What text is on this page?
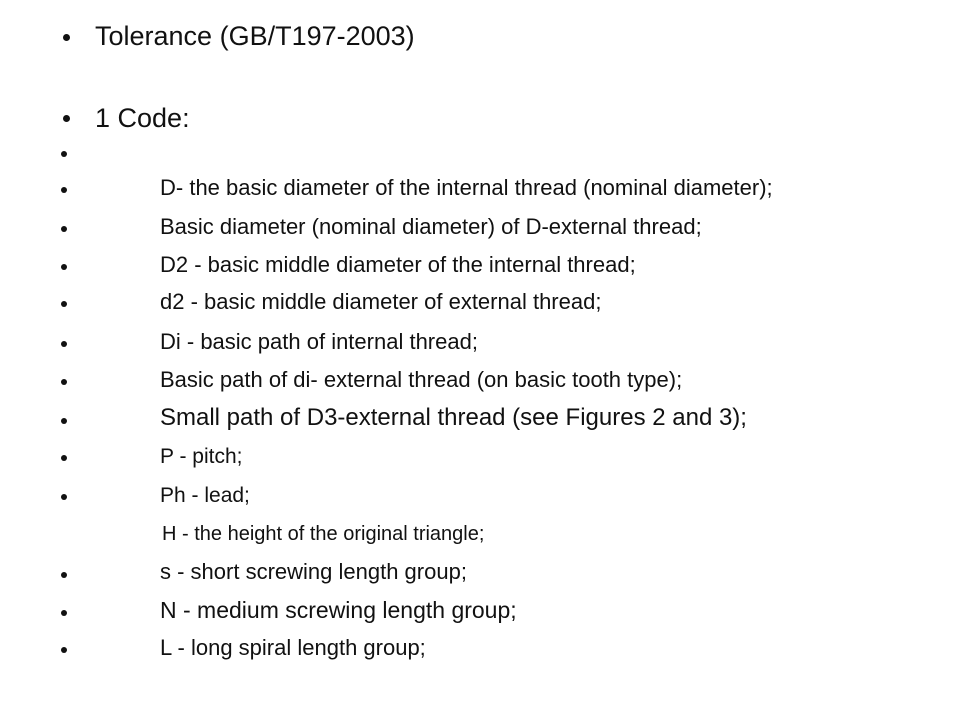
Tolerance (GB/T197-2003)
1 Code:
D- the basic diameter of the internal thread (nominal diameter);
Basic diameter (nominal diameter) of D-external thread;
D2 - basic middle diameter of the internal thread;
d2 - basic middle diameter of external thread;
Di - basic path of internal thread;
Basic path of di- external thread (on basic tooth type);
Small path of D3-external thread (see Figures 2 and 3);
P - pitch;
Ph - lead;
H - the height of the original triangle;
s - short screwing length group;
N - medium screwing length group;
L - long spiral length group;
